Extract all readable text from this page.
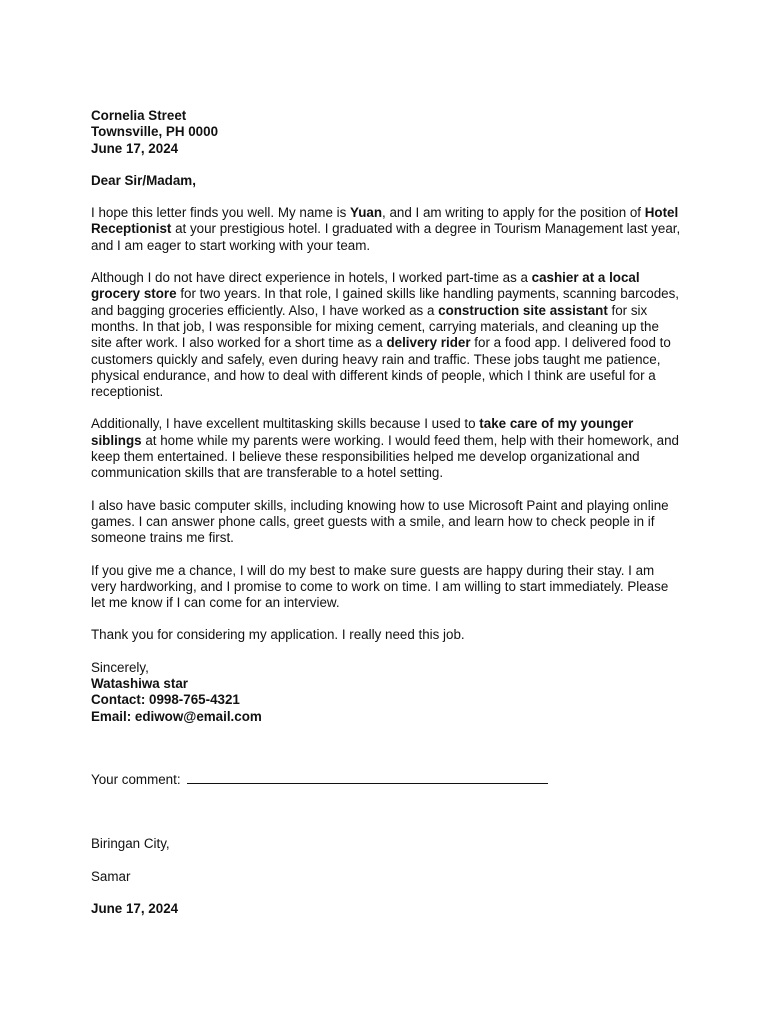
Cornelia Street
Townsville, PH 0000
June 17, 2024
Dear Sir/Madam,

I hope this letter finds you well. My name is Yuan, and I am writing to apply for the position of Hotel Receptionist at your prestigious hotel. I graduated with a degree in Tourism Management last year, and I am eager to start working with your team.

Although I do not have direct experience in hotels, I worked part-time as a cashier at a local grocery store for two years. In that role, I gained skills like handling payments, scanning barcodes, and bagging groceries efficiently. Also, I have worked as a construction site assistant for six months. In that job, I was responsible for mixing cement, carrying materials, and cleaning up the site after work. I also worked for a short time as a delivery rider for a food app. I delivered food to customers quickly and safely, even during heavy rain and traffic. These jobs taught me patience, physical endurance, and how to deal with different kinds of people, which I think are useful for a receptionist.

Additionally, I have excellent multitasking skills because I used to take care of my younger siblings at home while my parents were working. I would feed them, help with their homework, and keep them entertained. I believe these responsibilities helped me develop organizational and communication skills that are transferable to a hotel setting.

I also have basic computer skills, including knowing how to use Microsoft Paint and playing online games. I can answer phone calls, greet guests with a smile, and learn how to check people in if someone trains me first.

If you give me a chance, I will do my best to make sure guests are happy during their stay. I am very hardworking, and I promise to come to work on time. I am willing to start immediately. Please let me know if I can come for an interview.

Thank you for considering my application. I really need this job.

Sincerely,
Watashiwa star
Contact: 0998-765-4321
Email: ediwow@email.com
Your comment:
Biringan City,
Samar
June 17, 2024
